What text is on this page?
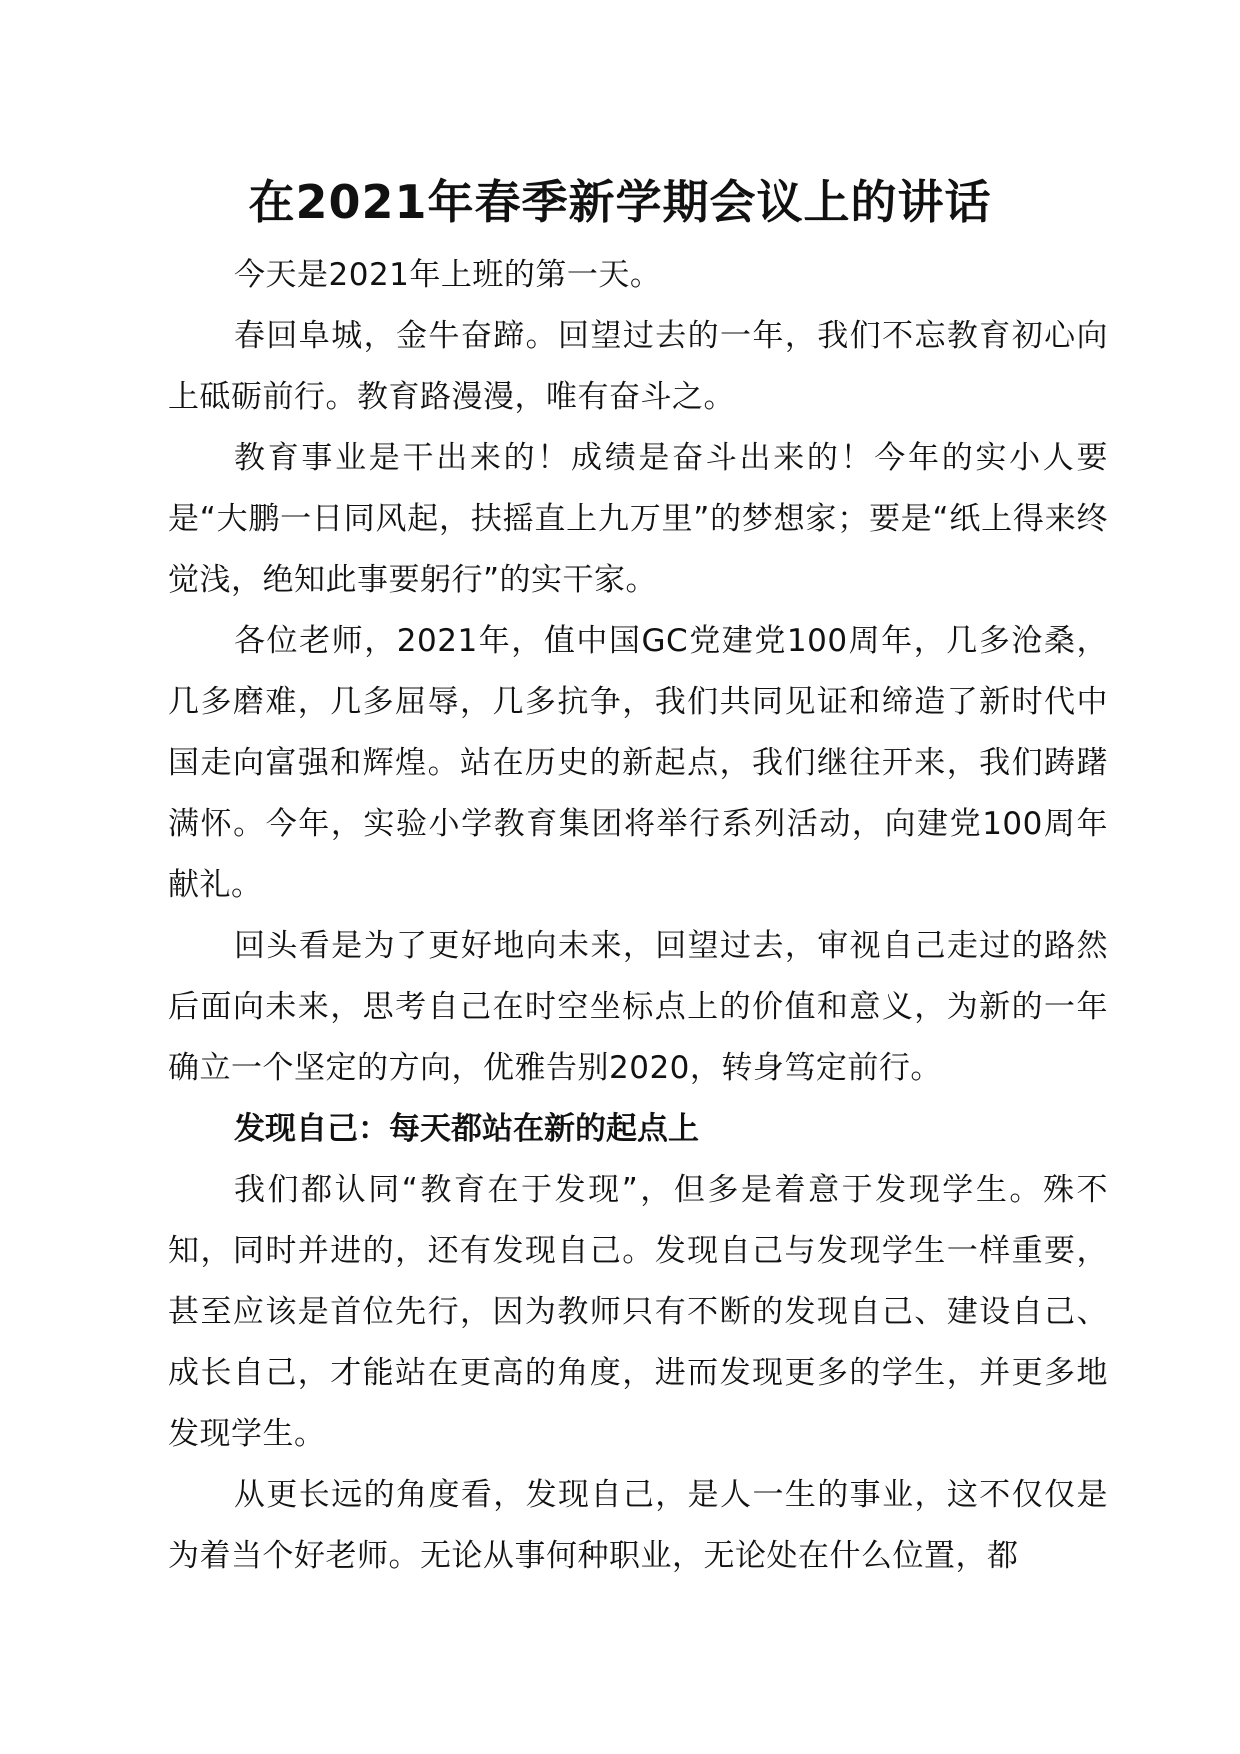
在2021年春季新学期会议上的讲话

今天是2021年上班的第一天。

春回阜城，金牛奋蹄。回望过去的一年，我们不忘教育初心向上砥砺前行。教育路漫漫，唯有奋斗之。

教育事业是干出来的！成绩是奋斗出来的！今年的实小人要是“大鹏一日同风起，扶摇直上九万里”的梦想家；要是“纸上得来终觉浅，绝知此事要躬行”的实干家。

各位老师，2021年，值中国GC党建党100周年，几多沧桑，几多磨难，几多屈辱，几多抗争，我们共同见证和缔造了新时代中国走向富强和辉煌。站在历史的新起点，我们继往开来，我们踌躇满怀。今年，实验小学教育集团将举行系列活动，向建党100周年献礼。

回头看是为了更好地向未来，回望过去，审视自己走过的路然后面向未来，思考自己在时空坐标点上的价值和意义，为新的一年确立一个坚定的方向，优雅告别2020，转身笃定前行。

发现自己：每天都站在新的起点上

我们都认同“教育在于发现”，但多是着意于发现学生。殊不知，同时并进的，还有发现自己。发现自己与发现学生一样重要，甚至应该是首位先行，因为教师只有不断的发现自己、建设自己、成长自己，才能站在更高的角度，进而发现更多的学生，并更多地发现学生。

从更长远的角度看，发现自己，是人一生的事业，这不仅仅是为着当个好老师。无论从事何种职业，无论处在什么位置，都
